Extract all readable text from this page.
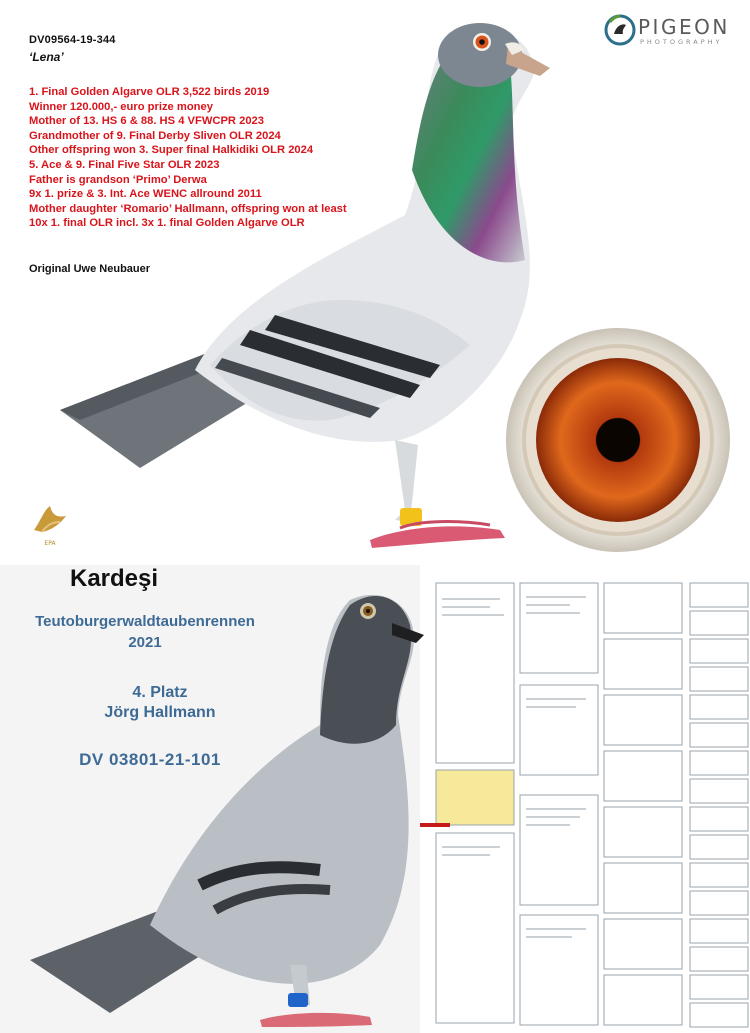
DV09564-19-344
‘Lena’
1. Final Golden Algarve OLR 3,522 birds 2019
Winner 120.000,- euro prize money
Mother of 13. HS 6 & 88. HS 4 VFWCPR 2023
Grandmother of 9. Final Derby Sliven OLR 2024
Other offspring won 3. Super final Halkidiki OLR 2024
5. Ace & 9. Final Five Star OLR 2023
Father is grandson ‘Primo’ Derwa
9x 1. prize & 3. Int. Ace WENC allround 2011
Mother daughter ‘Romario’ Hallmann, offspring won at least
10x 1. final OLR incl. 3x 1. final Golden Algarve OLR
Original Uwe Neubauer
PIGEON
PHOTOGRAPHY
EPA
Kardeşi
Teutoburgerwaldtaubenrennen
2021
4. Platz
Jörg Hallmann
DV 03801-21-101
